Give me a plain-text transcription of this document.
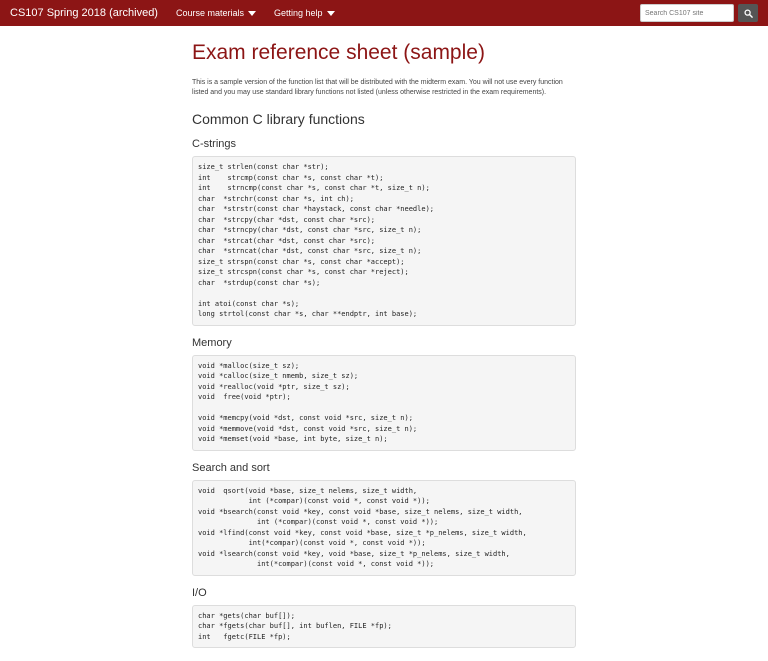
CS107 Spring 2018 (archived) Course materials	Getting help
Search CS107 site
Exam reference sheet (sample)

This is a sample version of the function list that will be distributed with the midterm exam. You will not use every function listed and you may use standard library functions not listed (unless otherwise restricted in the exam requirements).

Common C library functions
C-strings
size_t strlen(const char *str);
int    strcmp(const char *s, const char *t);
int    strncmp(const char *s, const char *t, size_t n);
char  *strchr(const char *s, int ch);
char  *strstr(const char *haystack, const char *needle);
char  *strcpy(char *dst, const char *src);
char  *strncpy(char *dst, const char *src, size_t n);
char  *strcat(char *dst, const char *src);
char  *strncat(char *dst, const char *src, size_t n);
size_t strspn(const char *s, const char *accept);
size_t strcspn(const char *s, const char *reject);
char  *strdup(const char *s);

int atoi(const char *s);
long strtol(const char *s, char **endptr, int base);
Memory
void *malloc(size_t sz);
void *calloc(size_t nmemb, size_t sz);
void *realloc(void *ptr, size_t sz);
void  free(void *ptr);

void *memcpy(void *dst, const void *src, size_t n);
void *memmove(void *dst, const void *src, size_t n);
void *memset(void *base, int byte, size_t n);
Search and sort
void  qsort(void *base, size_t nelems, size_t width,
int (*compar)(const void *, const void *));
void *bsearch(const void *key, const void *base, size_t nelems, size_t width,
int (*compar)(const void *, const void *));
void *lfind(const void *key, const void *base, size_t *p_nelems, size_t width,
int(*compar)(const void *, const void *));
void *lsearch(const void *key, void *base, size_t *p_nelems, size_t width,
int(*compar)(const void *, const void *));
I/O
char *gets(char buf[]);
char *fgets(char buf[], int buflen, FILE *fp);
int   fgetc(FILE *fp);
